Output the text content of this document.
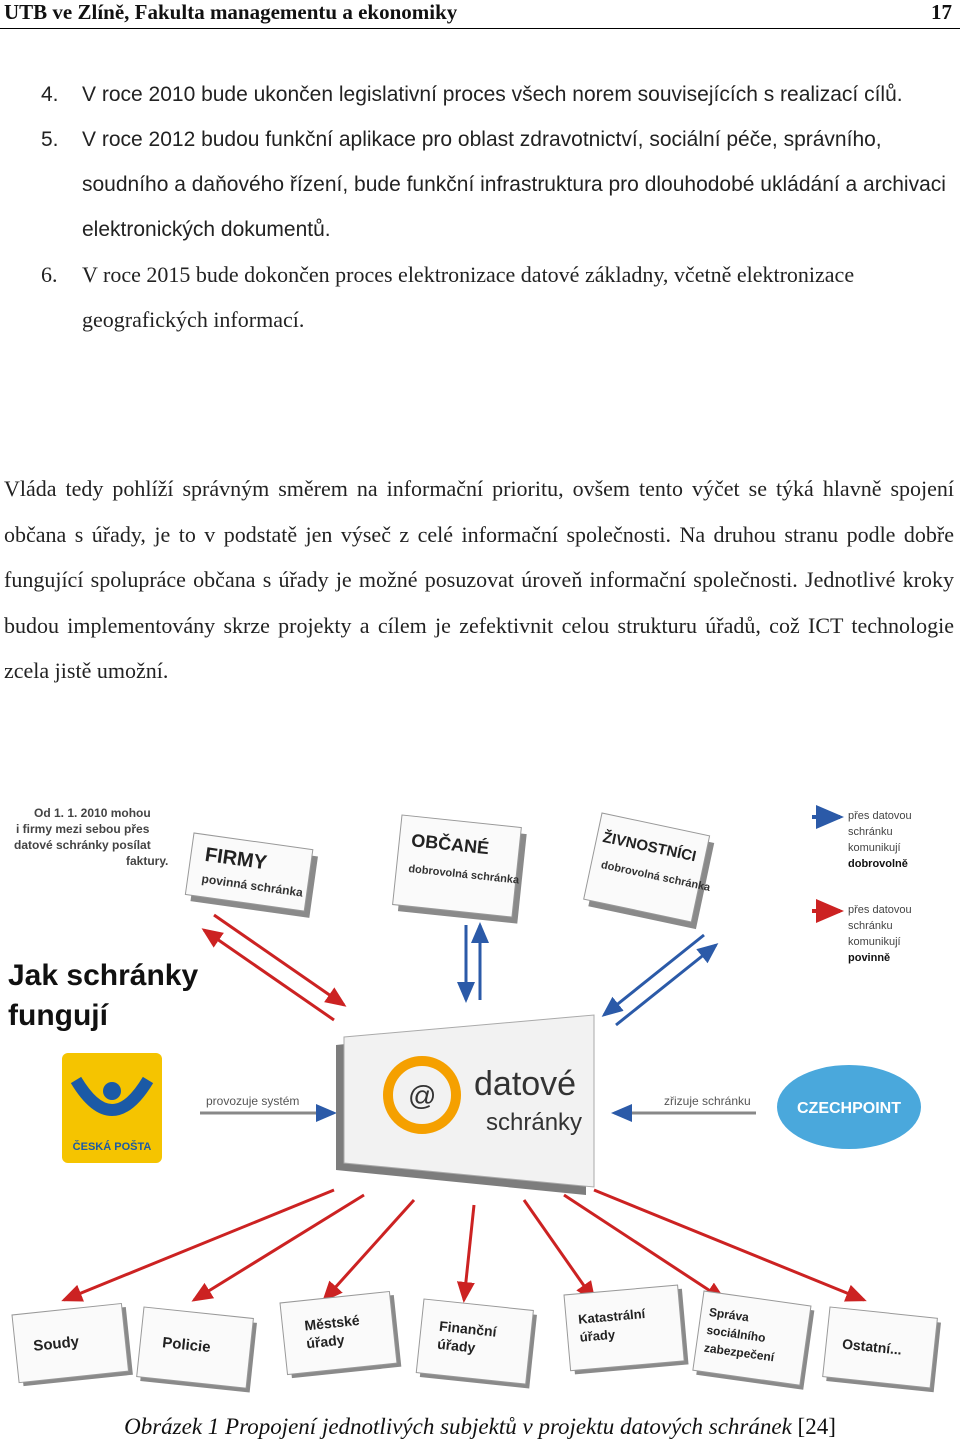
UTB ve Zlíně, Fakulta managementu a ekonomiky	17
4. V roce 2010 bude ukončen legislativní proces všech norem souvisejících s realizací cílů.
5. V roce 2012 budou funkční aplikace pro oblast zdravotnictví, sociální péče, správního, soudního a daňového řízení, bude funkční infrastruktura pro dlouhodobé ukládání a archivaci elektronických dokumentů.
6. V roce 2015 bude dokončen proces elektronizace datové základny, včetně elektronizace geografických informací.

Vláda tedy pohlíží správným směrem na informační prioritu, ovšem tento výčet se týká hlavně spojení občana s úřady, je to v podstatě jen výseč z celé informační společnosti. Na druhou stranu podle dobře fungující spolupráce občana s úřady je možné posuzovat úroveň informační společnosti. Jednotlivé kroky budou implementovány skrze projekty a cílem je zefektivnit celou strukturu úřadů, což ICT technologie zcela jistě umožní.

Od 1. 1. 2010 mohou
i firmy mezi sebou přes
datové schránky posílat
fakturу.
Jak schránky
fungují
FIRMY
povinná schránka
OBČANÉ
dobrovolná schránka
ŽIVNOSTNÍCI
dobrovolná schránka
přes datovou
schránku
komunikují
dobrovolně
přes datovou
schránku
komunikují
povinně
ČESKÁ POŠTA
provozuje systém	@ datové
schránky
zřizuje schránku	CZECHPOINT
Soudy	Policie
Městské
úřady
Finanční
úřady
Katastrální
úřady
Správa
sociálního
zabezpečení	Ostatní...
Obrázek 1 Propojení jednotlivých subjektů v projektu datových schránek [24]
